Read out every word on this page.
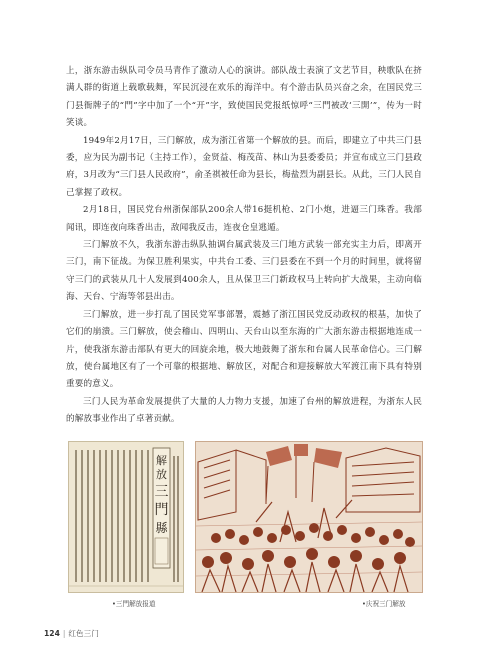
上，浙东游击纵队司令员马青作了激动人心的演讲。部队战士表演了文艺节目，秧歌队在挤满人群的街道上载歌载舞，军民沉浸在欢乐的海洋中。有个游击队员兴奋之余，在国民党三门县衙牌子的“門”字中加了一个“开”字，致使国民党报纸惊呼“三門被改‘三開’”，传为一时笑谈。

1949年2月17日，三门解放，成为浙江省第一个解放的县。而后，即建立了中共三门县委，应为民为副书记（主持工作），金贤益、梅茂苗、林山为县委委员；并宣布成立三门县政府，3月改为“三门县人民政府”，俞圣祺被任命为县长，梅盐烈为副县长。从此，三门人民自己掌握了政权。

2月18日，国民党台州浙保部队200余人带16挺机枪、2门小炮，进逼三门珠香。我部闻讯，即连夜向珠香出击，敌闻我反击，连夜仓皇逃遁。

三门解放不久，我浙东游击纵队抽调台属武装及三门地方武装一部充实主力后，即离开三门，南下征战。为保卫胜利果实，中共台工委、三门县委在不到一个月的时间里，就将留守三门的武装从几十人发展到400余人，且从保卫三门新政权马上转向扩大战果，主动向临海、天台、宁海等邻县出击。

三门解放，进一步打乱了国民党军事部署，震撼了浙江国民党反动政权的根基，加快了它们的崩溃。三门解放，使会稽山、四明山、天台山以至东海的广大浙东游击根据地连成一片，使我浙东游击部队有更大的回旋余地，极大地鼓舞了浙东和台属人民革命信心。三门解放，使台属地区有了一个可靠的根据地、解放区，对配合和迎接解放大军渡江南下具有特别重要的意义。

三门人民为革命发展提供了大量的人力物力支援，加速了台州的解放进程，为浙东人民的解放事业作出了卓著贡献。

解
放
三
門
縣
•三門解放报道	•庆祝三门解放
124 | 红色三门
